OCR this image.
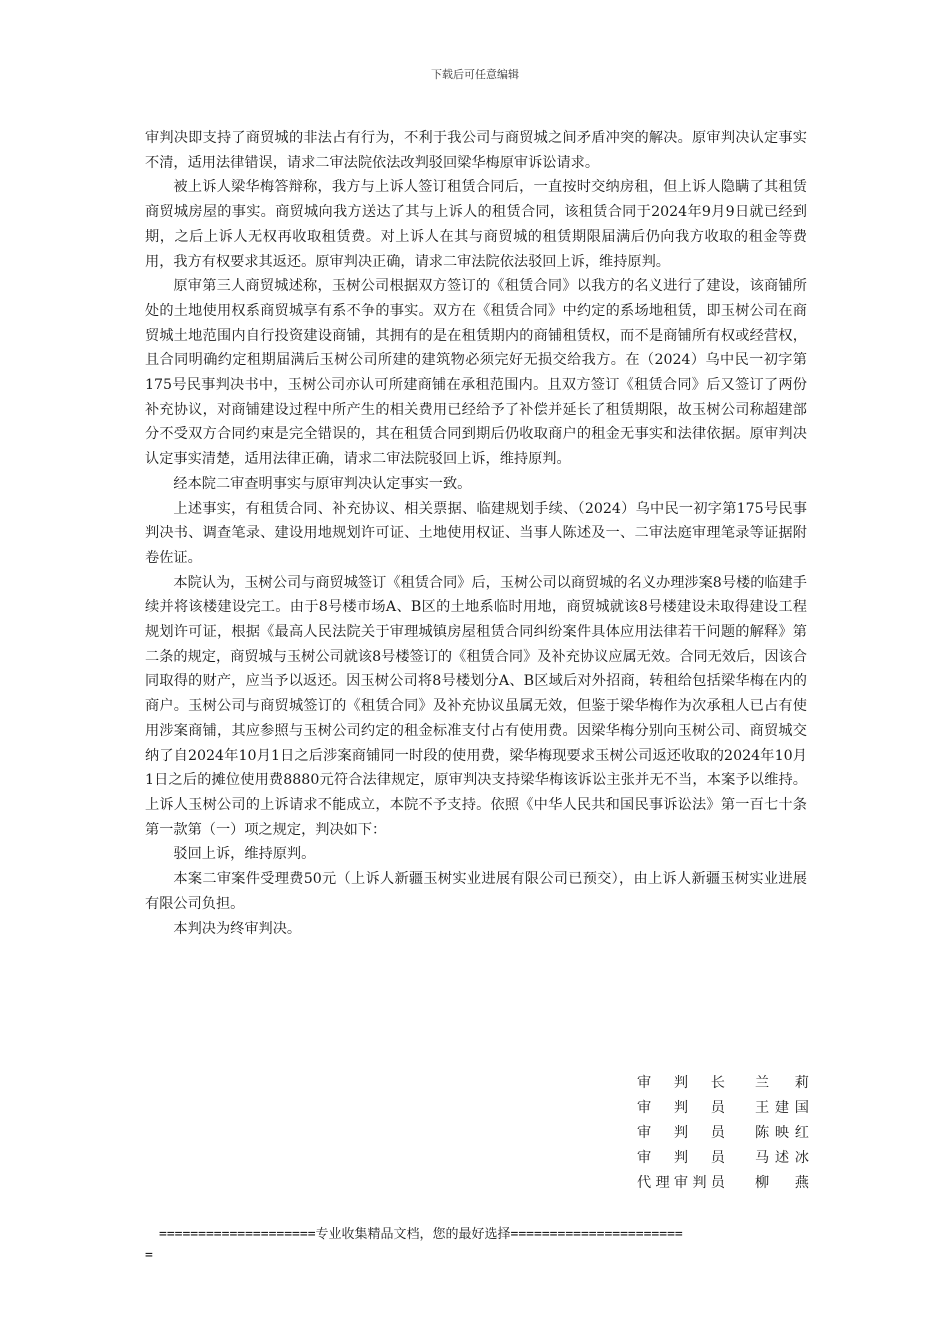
下载后可任意编辑

审判决即支持了商贸城的非法占有行为，不利于我公司与商贸城之间矛盾冲突的解决。原审判决认定事实不清，适用法律错误，请求二审法院依法改判驳回梁华梅原审诉讼请求。

被上诉人梁华梅答辩称，我方与上诉人签订租赁合同后，一直按时交纳房租，但上诉人隐瞒了其租赁商贸城房屋的事实。商贸城向我方送达了其与上诉人的租赁合同，该租赁合同于2024年9月9日就已经到期，之后上诉人无权再收取租赁费。对上诉人在其与商贸城的租赁期限届满后仍向我方收取的租金等费用，我方有权要求其返还。原审判决正确，请求二审法院依法驳回上诉，维持原判。

原审第三人商贸城述称，玉树公司根据双方签订的《租赁合同》以我方的名义进行了建设，该商铺所处的土地使用权系商贸城享有系不争的事实。双方在《租赁合同》中约定的系场地租赁，即玉树公司在商贸城土地范围内自行投资建设商铺，其拥有的是在租赁期内的商铺租赁权，而不是商铺所有权或经营权，且合同明确约定租期届满后玉树公司所建的建筑物必须完好无损交给我方。在（2024）乌中民一初字第175号民事判决书中，玉树公司亦认可所建商铺在承租范围内。且双方签订《租赁合同》后又签订了两份补充协议，对商铺建设过程中所产生的相关费用已经给予了补偿并延长了租赁期限，故玉树公司称超建部分不受双方合同约束是完全错误的，其在租赁合同到期后仍收取商户的租金无事实和法律依据。原审判决认定事实清楚，适用法律正确，请求二审法院驳回上诉，维持原判。

经本院二审查明事实与原审判决认定事实一致。

上述事实，有租赁合同、补充协议、相关票据、临建规划手续、（2024）乌中民一初字第175号民事判决书、调查笔录、建设用地规划许可证、土地使用权证、当事人陈述及一、二审法庭审理笔录等证据附卷佐证。

本院认为，玉树公司与商贸城签订《租赁合同》后，玉树公司以商贸城的名义办理涉案8号楼的临建手续并将该楼建设完工。由于8号楼市场A、B区的土地系临时用地，商贸城就该8号楼建设未取得建设工程规划许可证，根据《最高人民法院关于审理城镇房屋租赁合同纠纷案件具体应用法律若干问题的解释》第二条的规定，商贸城与玉树公司就该8号楼签订的《租赁合同》及补充协议应属无效。合同无效后，因该合同取得的财产，应当予以返还。因玉树公司将8号楼划分A、B区域后对外招商，转租给包括梁华梅在内的商户。玉树公司与商贸城签订的《租赁合同》及补充协议虽属无效，但鉴于梁华梅作为次承租人已占有使用涉案商铺，其应参照与玉树公司约定的租金标准支付占有使用费。因梁华梅分别向玉树公司、商贸城交纳了自2024年10月1日之后涉案商铺同一时段的使用费，梁华梅现要求玉树公司返还收取的2024年10月1日之后的摊位使用费8880元符合法律规定，原审判决支持梁华梅该诉讼主张并无不当，本案予以维持。上诉人玉树公司的上诉请求不能成立，本院不予支持。依照《中华人民共和国民事诉讼法》第一百七十条第一款第（一）项之规定，判决如下：

驳回上诉，维持原判。

本案二审案件受理费50元（上诉人新疆玉树实业进展有限公司已预交），由上诉人新疆玉树实业进展有限公司负担。

本判决为终审判决。

审判长 兰莉
审判员 王建国
审判员 陈映红
审判员 马述冰
代理审判员 柳燕
====================专业收集精品文档，您的最好选择======================
=
